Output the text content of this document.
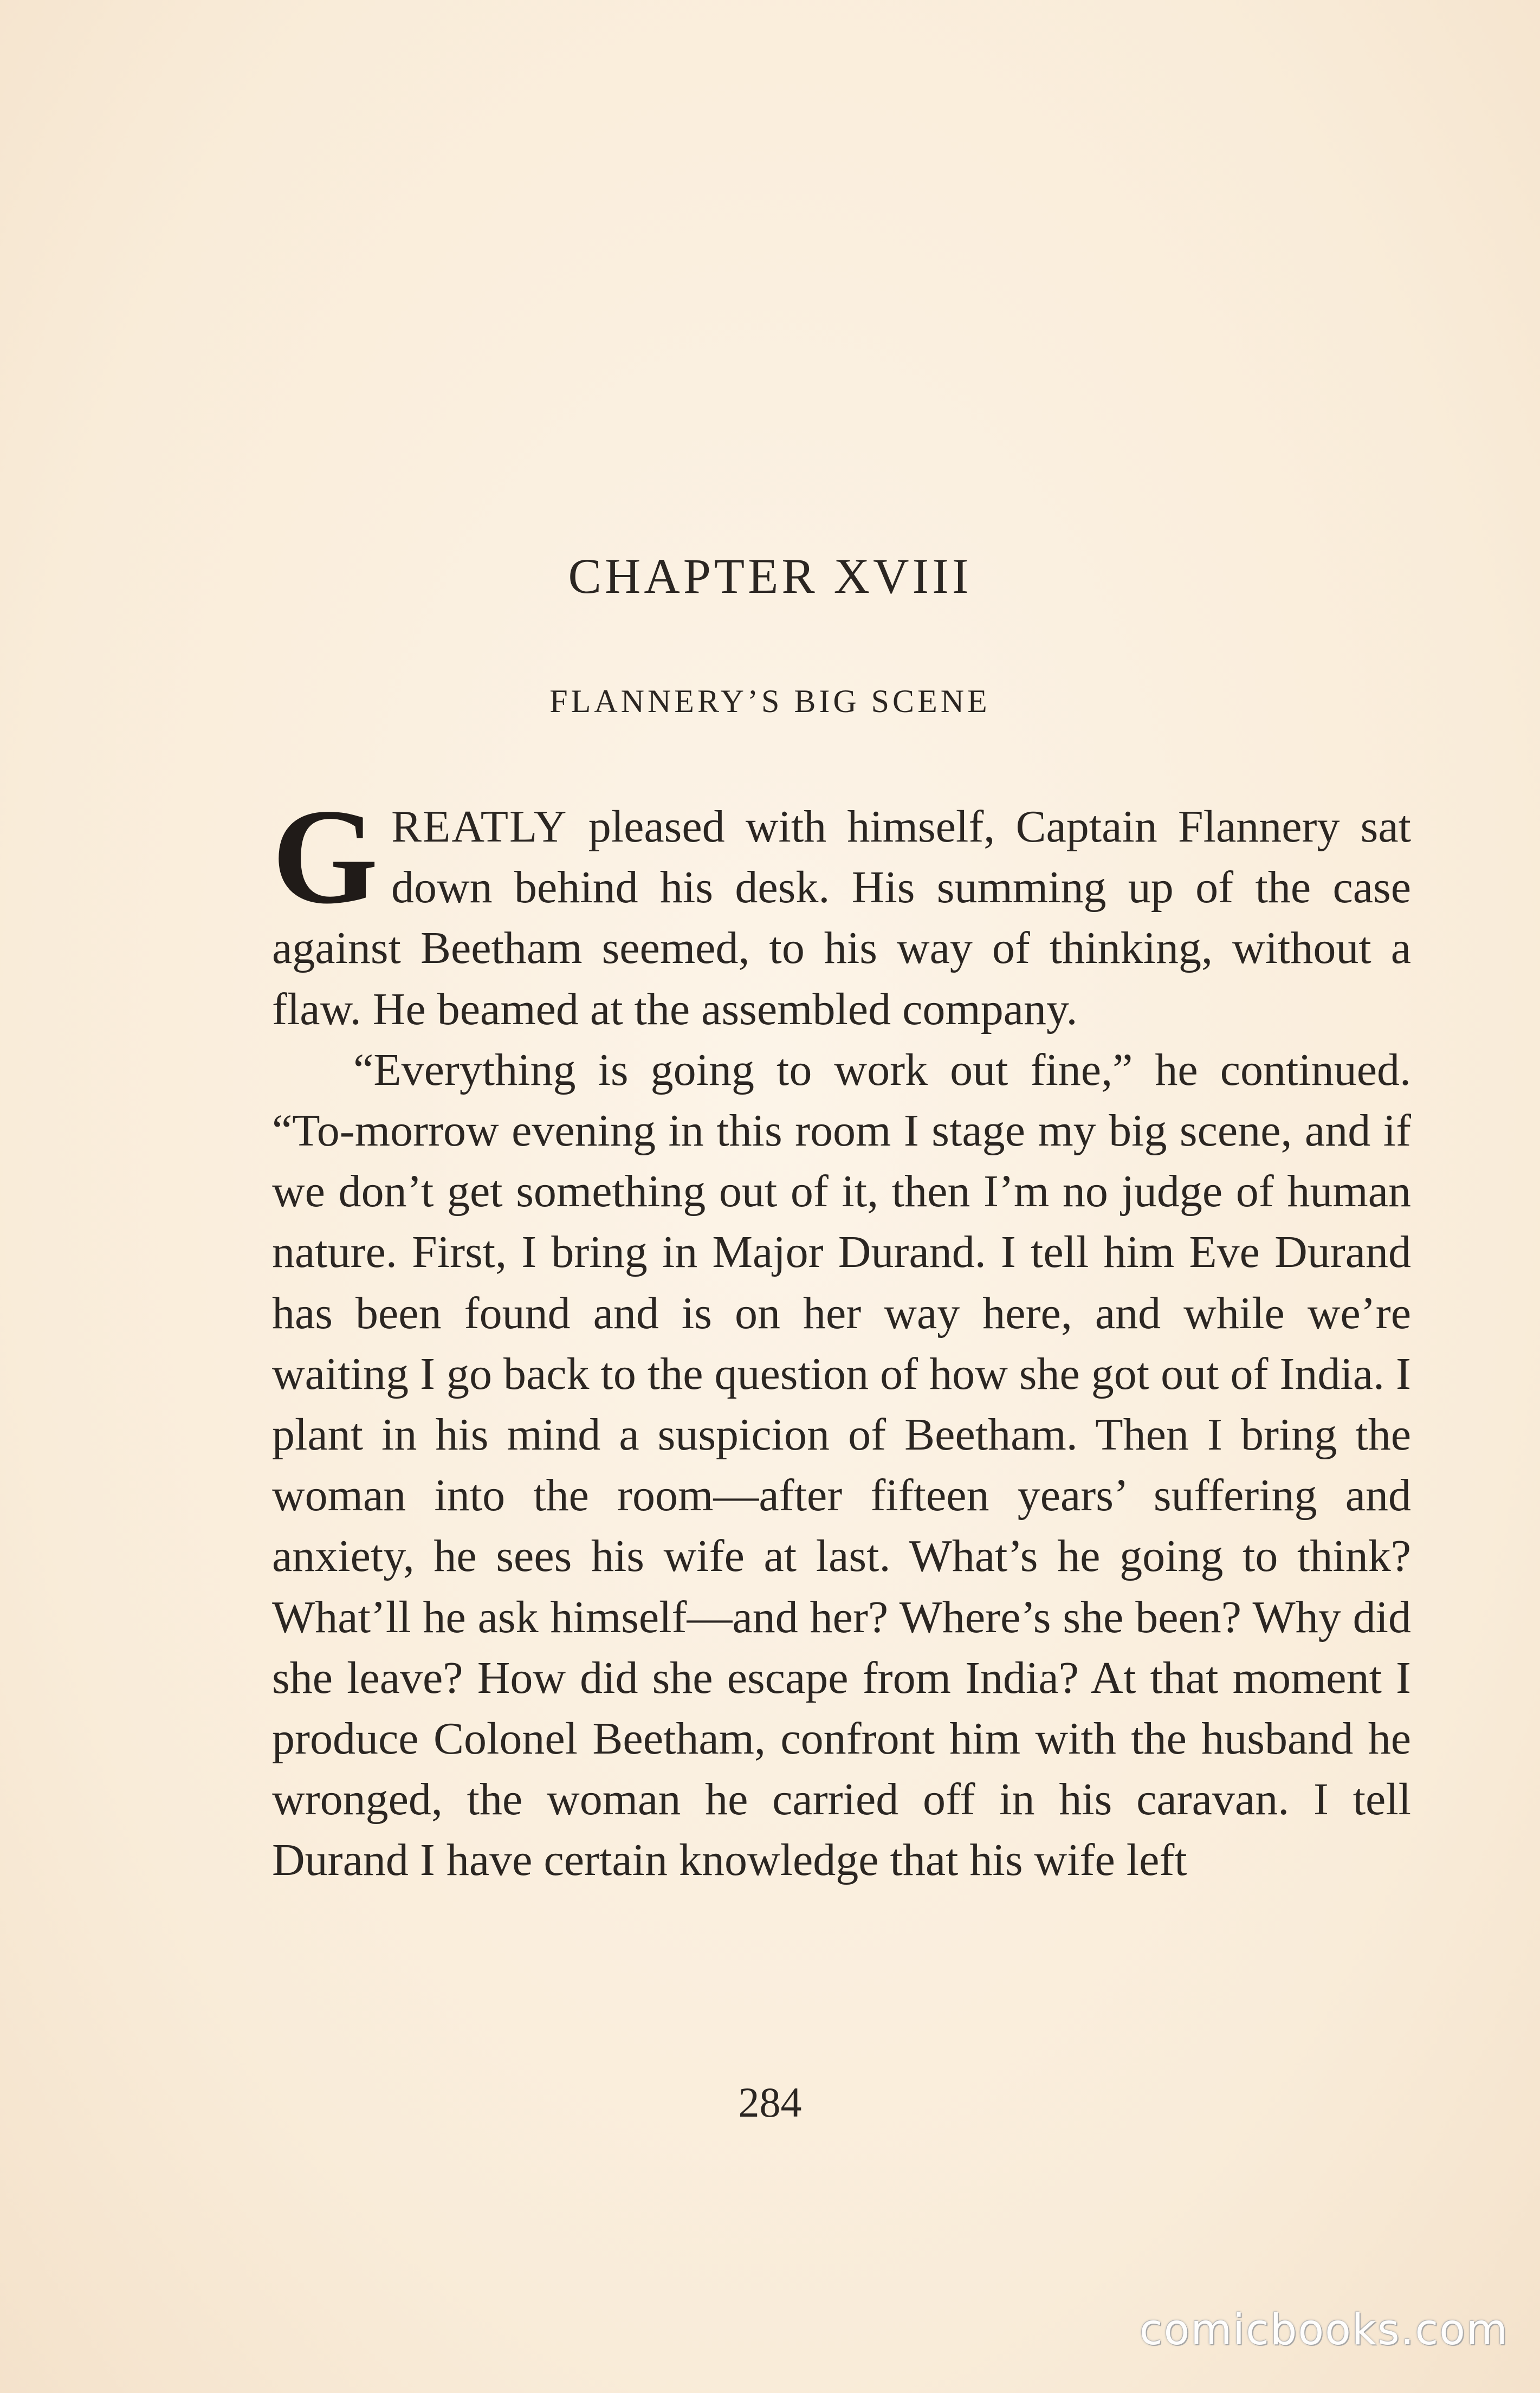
CHAPTER XVIII
FLANNERY’S BIG SCENE

GREATLY pleased with himself, Captain Flannery sat down behind his desk. His summing up of the case against Beetham seemed, to his way of thinking, without a flaw. He beamed at the assembled company.

“Everything is going to work out fine,” he continued. “To-morrow evening in this room I stage my big scene, and if we don’t get something out of it, then I’m no judge of human nature. First, I bring in Major Durand. I tell him Eve Durand has been found and is on her way here, and while we’re waiting I go back to the question of how she got out of India. I plant in his mind a suspicion of Beetham. Then I bring the woman into the room—after fifteen years’ suffering and anxiety, he sees his wife at last. What’s he going to think? What’ll he ask himself—and her? Where’s she been? Why did she leave? How did she escape from India? At that moment I produce Colonel Beetham, confront him with the husband he wronged, the woman he carried off in his caravan. I tell Durand I have certain knowledge that his wife left

284
comicbooks.com
